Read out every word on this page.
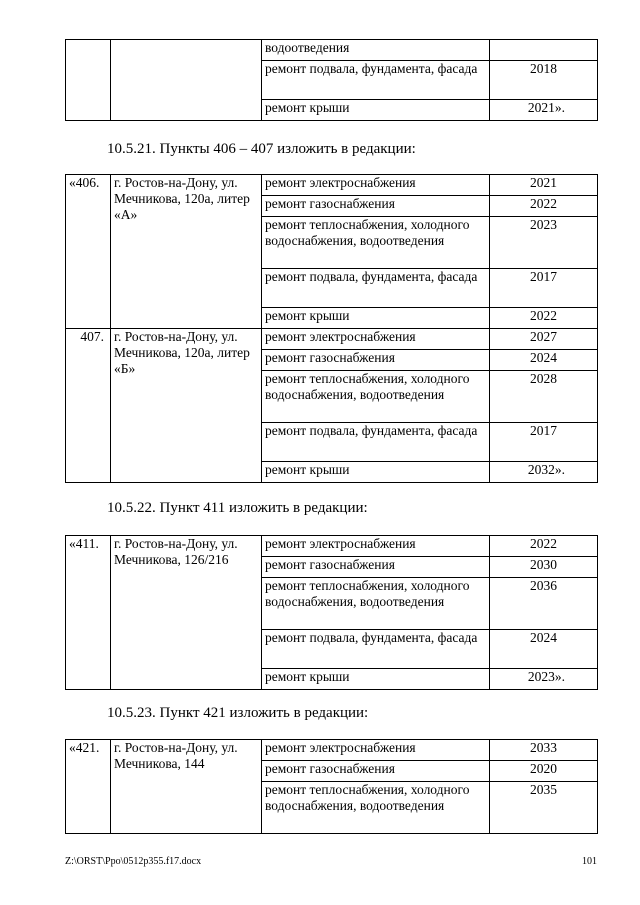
		водоотведения	
		ремонт подвала, фундамента, фасада	2018
		ремонт крыши	2021».
10.5.21. Пункты 406 – 407 изложить в редакции:
«406.	г. Ростов-на-Дону, ул. Мечникова, 120а, литер «А»	ремонт электроснабжения	2021
		ремонт газоснабжения	2022
		ремонт теплоснабжения, холодного водоснабжения, водоотведения	2023
		ремонт подвала, фундамента, фасада	2017
		ремонт крыши	2022
407.	г. Ростов-на-Дону, ул. Мечникова, 120а, литер «Б»	ремонт электроснабжения	2027
		ремонт газоснабжения	2024
		ремонт теплоснабжения, холодного водоснабжения, водоотведения	2028
		ремонт подвала, фундамента, фасада	2017
		ремонт крыши	2032».
10.5.22. Пункт 411 изложить в редакции:
«411.	г. Ростов-на-Дону, ул. Мечникова, 126/216	ремонт электроснабжения	2022
		ремонт газоснабжения	2030
		ремонт теплоснабжения, холодного водоснабжения, водоотведения	2036
		ремонт подвала, фундамента, фасада	2024
		ремонт крыши	2023».
10.5.23. Пункт 421 изложить в редакции:
«421.	г. Ростов-на-Дону, ул. Мечникова, 144	ремонт электроснабжения	2033
		ремонт газоснабжения	2020
		ремонт теплоснабжения, холодного водоснабжения, водоотведения	2035
Z:\ORST\Ppo\0512p355.f17.docx	101
